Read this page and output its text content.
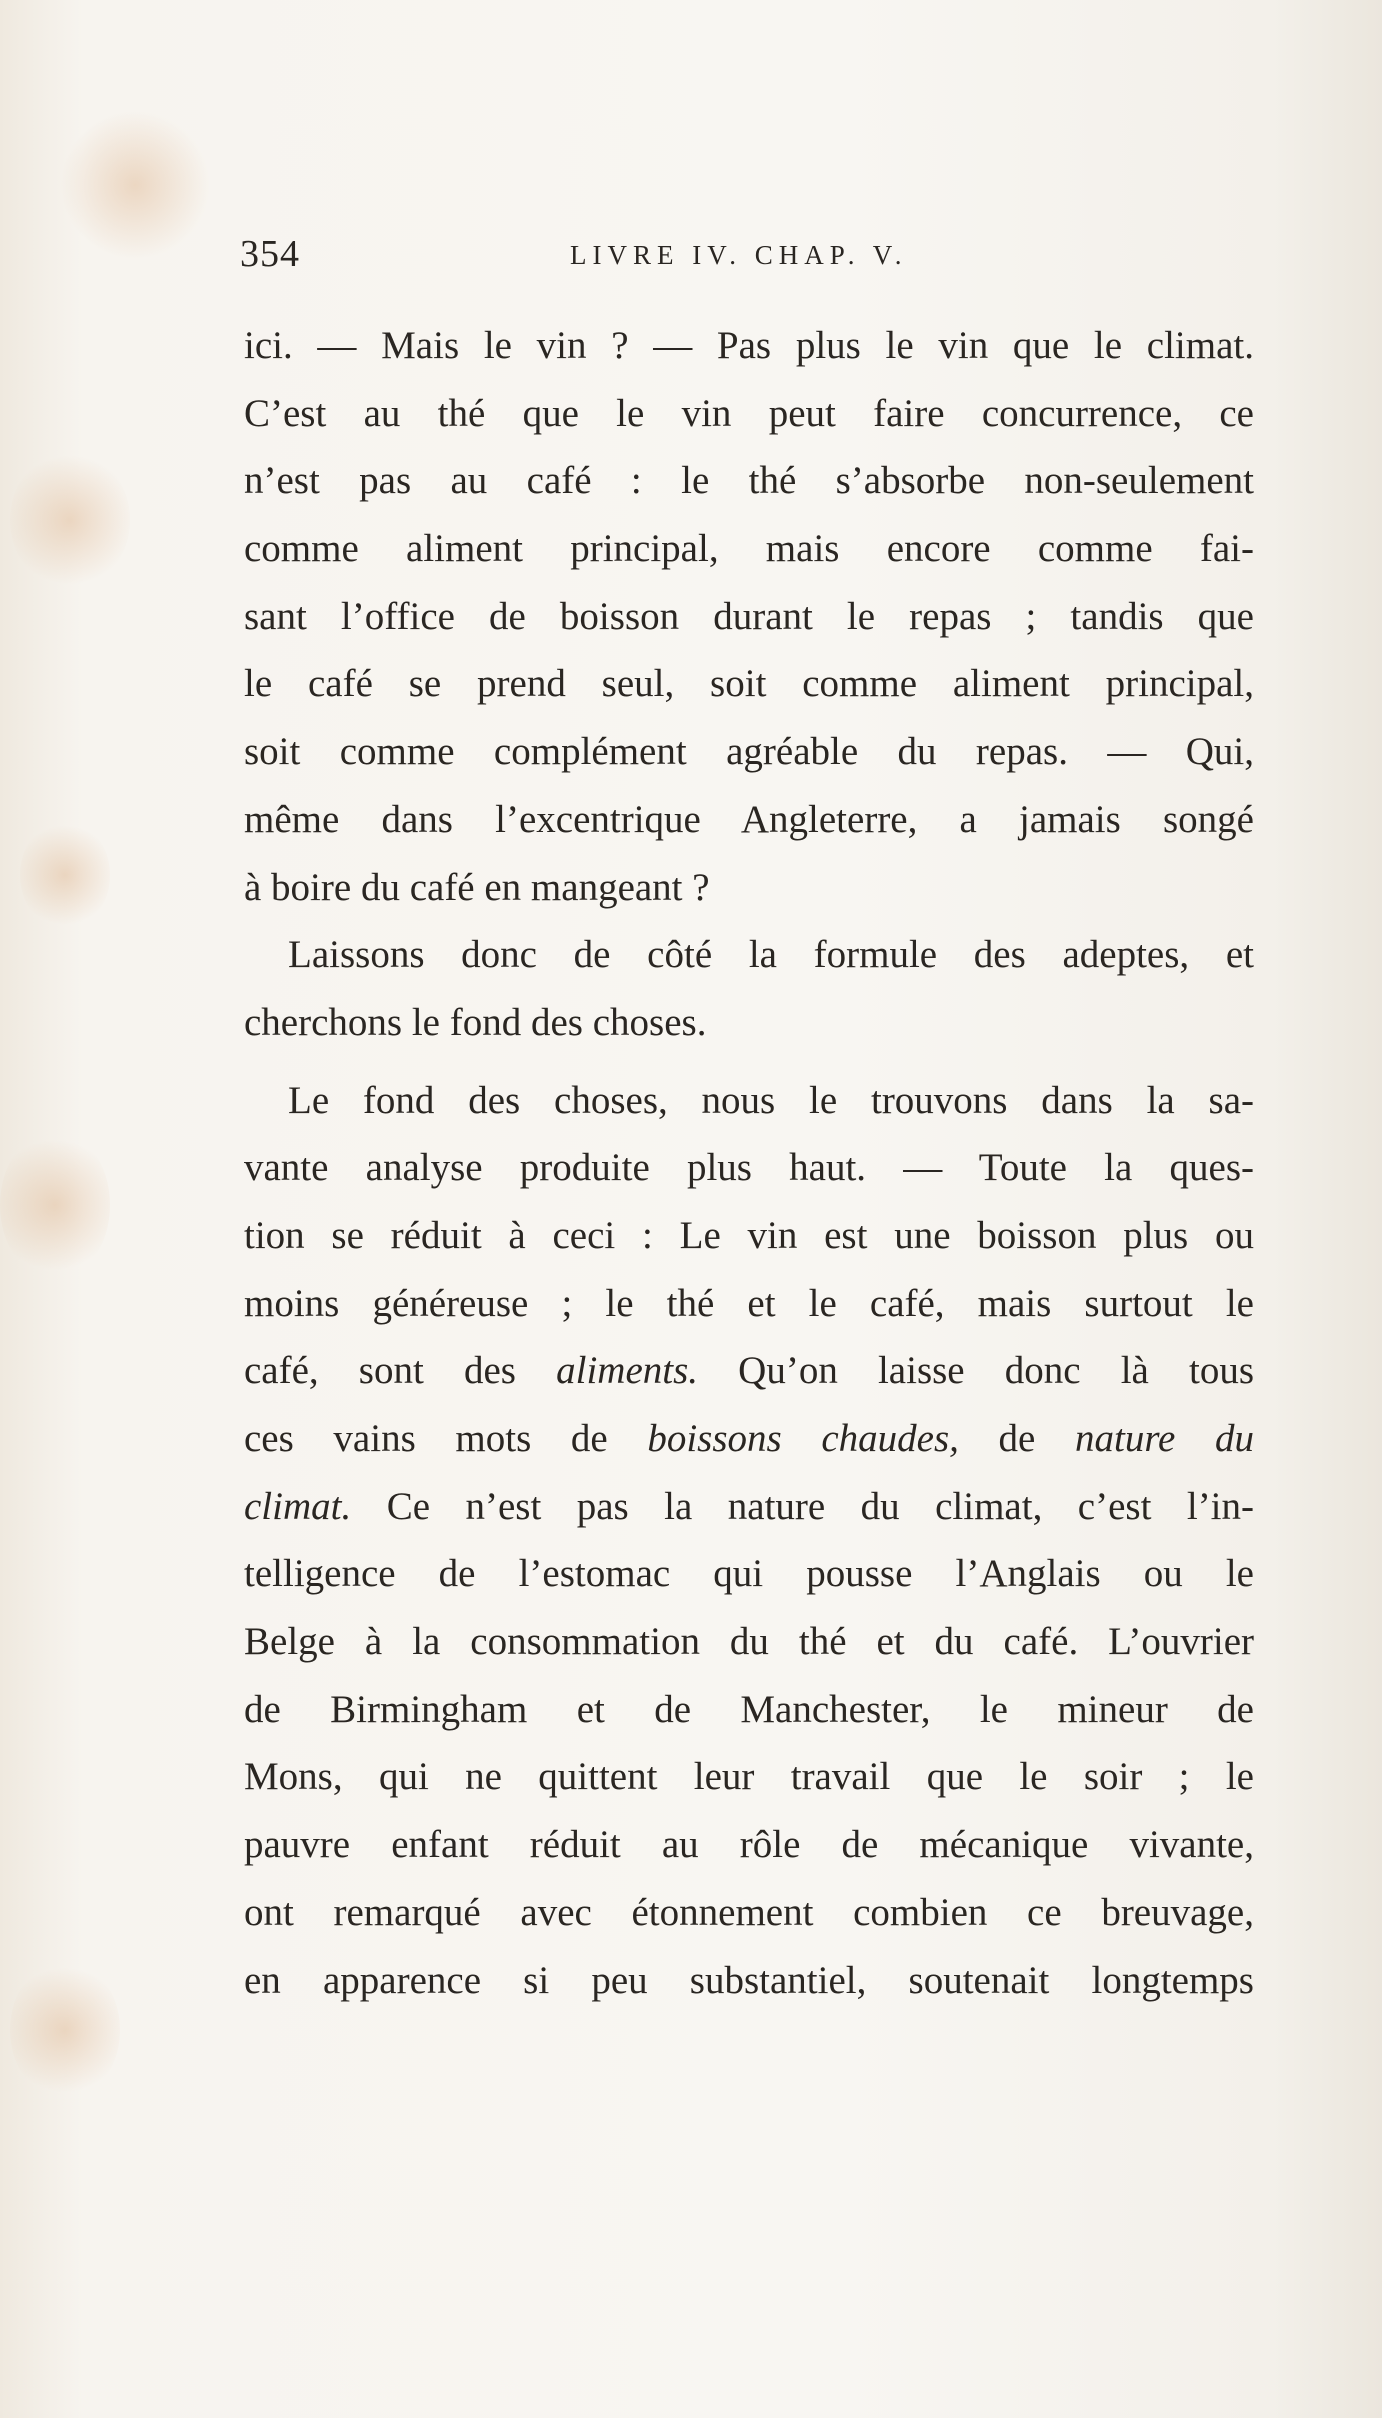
354	LIVRE IV. CHAP. V.
ici. — Mais le vin ? — Pas plus le vin que le climat.
C’est au thé que le vin peut faire concurrence, ce
n’est pas au café : le thé s’absorbe non-seulement
comme aliment principal, mais encore comme fai-
sant l’office de boisson durant le repas ; tandis que
le café se prend seul, soit comme aliment principal,
soit comme complément agréable du repas. — Qui,
même dans l’excentrique Angleterre, a jamais songé
à boire du café en mangeant ?
Laissons donc de côté la formule des adeptes, et
cherchons le fond des choses.
Le fond des choses, nous le trouvons dans la sa-
vante analyse produite plus haut. — Toute la ques-
tion se réduit à ceci : Le vin est une boisson plus ou
moins généreuse ; le thé et le café, mais surtout le
café, sont des aliments. Qu’on laisse donc là tous
ces vains mots de boissons chaudes, de nature du
climat. Ce n’est pas la nature du climat, c’est l’in-
telligence de l’estomac qui pousse l’Anglais ou le
Belge à la consommation du thé et du café. L’ouvrier
de Birmingham et de Manchester, le mineur de
Mons, qui ne quittent leur travail que le soir ; le
pauvre enfant réduit au rôle de mécanique vivante,
ont remarqué avec étonnement combien ce breuvage,
en apparence si peu substantiel, soutenait longtemps
